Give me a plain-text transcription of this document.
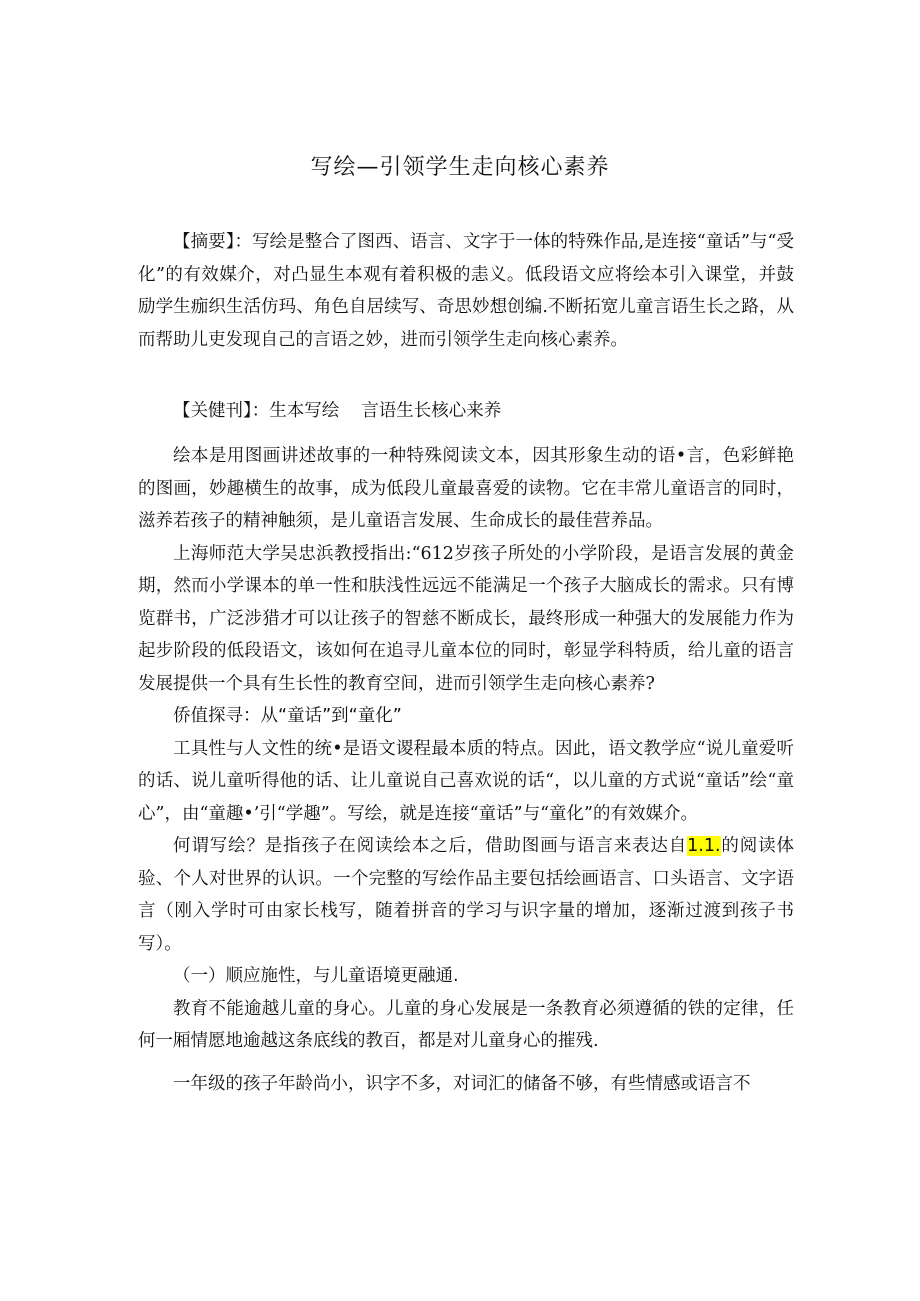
写绘—引领学生走向核心素养

【摘要】：写绘是整合了图西、语言、文字于一体的特殊作品,是连接“童话”与“受化”的有效媒介，对凸显生本观有着积极的恚义。低段语文应将绘本引入课堂，并鼓励学生痂织生活仿玛、角色自居续写、奇思妙想创编.不断拓宽儿童言语生长之路，从而帮助儿吏发现自己的言语之妙，进而引领学生走向核心素养。

【关健刊】：生本写绘 言语生长核心来养

绘本是用图画讲述故事的一种特殊阅读文本，因其形象生动的语•言，色彩鲜艳的图画，妙趣横生的故事，成为低段儿童最喜爱的读物。它在丰常儿童语言的同时，滋养若孩子的精神触须，是儿童语言发展、生命成长的最佳营养品。

上海师范大学吴忠浜教授指出:“612岁孩子所处的小学阶段，是语言发展的黄金期，然而小学课本的单一性和肤浅性远远不能满足一个孩子大脑成长的需求。只有博览群书，广泛涉猎才可以让孩子的智慈不断成长，最终形成一种强大的发展能力作为起步阶段的低段语文，该如何在追寻儿童本位的同时，彰显学科特质，给儿童的语言发展提供一个具有生长性的教育空间，进而引领学生走向核心素养?

侨值探寻：从“童话”到“童化”

工具性与人文性的统•是语文谡程最本质的特点。因此，语文教学应“说儿童爱听的话、说儿童听得他的话、让儿童说自己喜欢说的话“，以儿童的方式说“童话”绘“童心”，由“童趣•’引“学趣”。写绘，就是连接“童话”与“童化”的有效媒介。

何谓写绘？是指孩子在阅读绘本之后，借助图画与语言来表达自1.1.的阅读体验、个人对世界的认识。一个完整的写绘作品主要包括绘画语言、口头语言、文字语言（刚入学时可由家长栈写，随着拼音的学习与识字量的增加，逐渐过渡到孩子书写）。

（一）顺应施性，与儿童语境更融通.

教育不能逾越儿童的身心。儿童的身心发展是一条教育必须遵循的铁的定律，任何一厢情愿地逾越这条底线的教百，都是对儿童身心的摧残.

一年级的孩子年龄尚小，识字不多，对词汇的储备不够，有些情感或语言不
